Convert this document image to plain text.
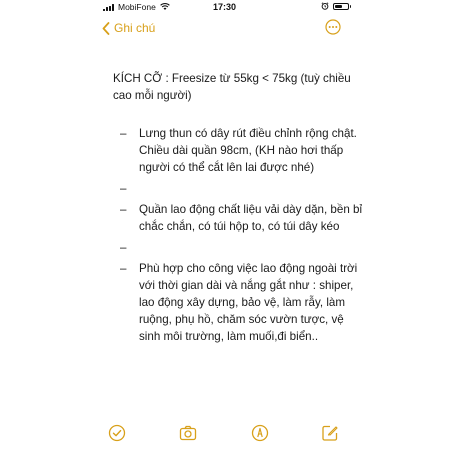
MobiFone	17:30
Ghi chú

KÍCH CỠ : Freesize từ 55kg < 75kg (tuỳ chiều cao mỗi người)

– Lưng thun có dây rút điều chỉnh rộng chật. Chiều dài quần 98cm, (KH nào hơi thấp người có thể cắt lên lai được nhé)
–
– Quần lao động chất liệu vải dày dặn, bền bỉ chắc chắn, có túi hộp to, có túi dây kéo
–
– Phù hợp cho công việc lao động ngoài trời với thời gian dài và nắng gắt như : shiper, lao động xây dựng, bảo vệ, làm rẫy, làm ruộng, phụ hồ, chăm sóc vườn tược, vệ sinh môi trường, làm muối,đi biển..
